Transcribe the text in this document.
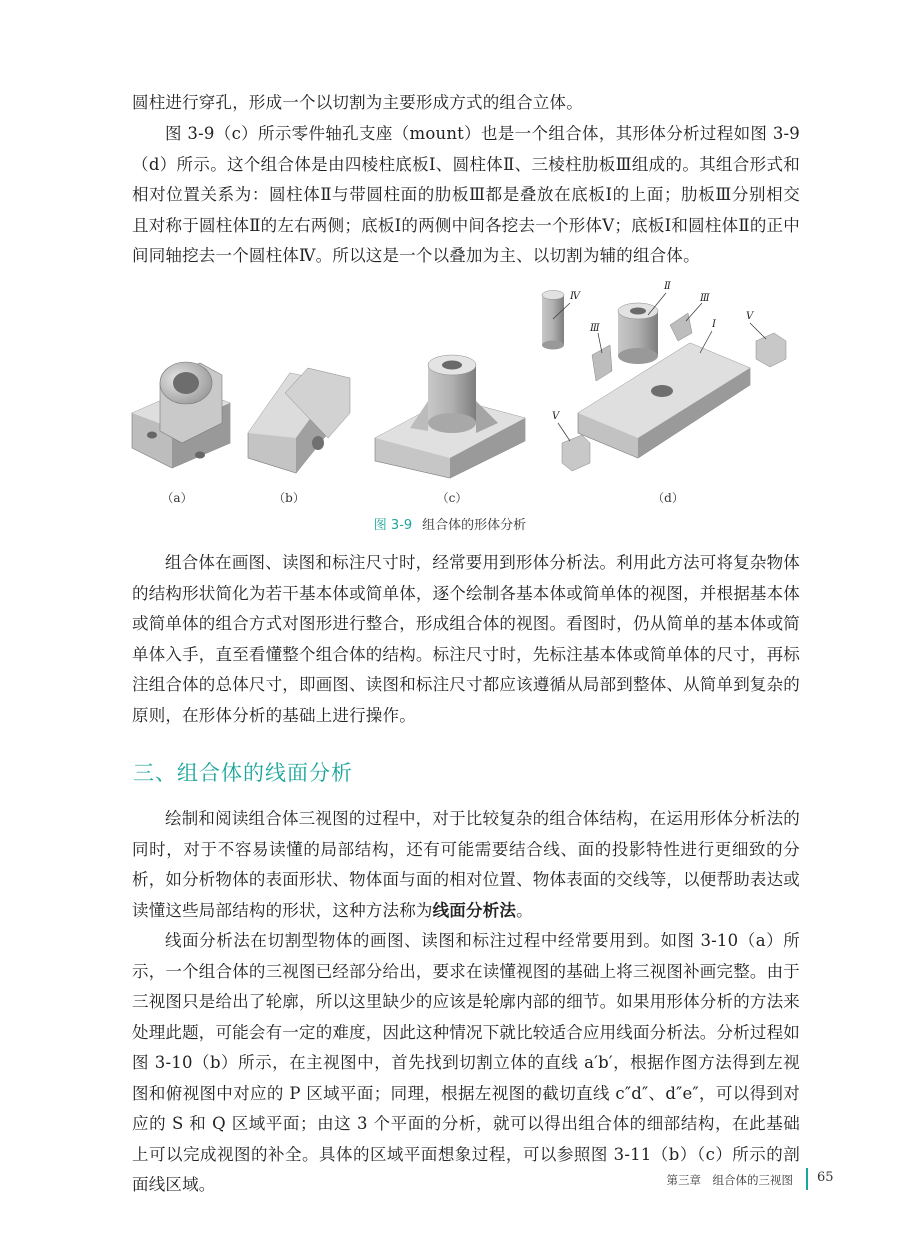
圆柱进行穿孔，形成一个以切割为主要形成方式的组合立体。

图 3-9（c）所示零件轴孔支座（mount）也是一个组合体，其形体分析过程如图 3-9（d）所示。这个组合体是由四棱柱底板Ⅰ、圆柱体Ⅱ、三棱柱肋板Ⅲ组成的。其组合形式和相对位置关系为：圆柱体Ⅱ与带圆柱面的肋板Ⅲ都是叠放在底板Ⅰ的上面；肋板Ⅲ分别相交且对称于圆柱体Ⅱ的左右两侧；底板Ⅰ的两侧中间各挖去一个形体Ⅴ；底板Ⅰ和圆柱体Ⅱ的正中间同轴挖去一个圆柱体Ⅳ。所以这是一个以叠加为主、以切割为辅的组合体。

Ⅳ
Ⅱ
Ⅲ
Ⅲ	Ⅰ
Ⅴ
Ⅴ
（a）	（b）	（c）	（d）
图 3-9 组合体的形体分析

组合体在画图、读图和标注尺寸时，经常要用到形体分析法。利用此方法可将复杂物体的结构形状简化为若干基本体或简单体，逐个绘制各基本体或简单体的视图，并根据基本体或简单体的组合方式对图形进行整合，形成组合体的视图。看图时，仍从简单的基本体或简单体入手，直至看懂整个组合体的结构。标注尺寸时，先标注基本体或简单体的尺寸，再标注组合体的总体尺寸，即画图、读图和标注尺寸都应该遵循从局部到整体、从简单到复杂的原则，在形体分析的基础上进行操作。

三、组合体的线面分析

绘制和阅读组合体三视图的过程中，对于比较复杂的组合体结构，在运用形体分析法的同时，对于不容易读懂的局部结构，还有可能需要结合线、面的投影特性进行更细致的分析，如分析物体的表面形状、物体面与面的相对位置、物体表面的交线等，以便帮助表达或读懂这些局部结构的形状，这种方法称为线面分析法。

线面分析法在切割型物体的画图、读图和标注过程中经常要用到。如图 3-10（a）所示，一个组合体的三视图已经部分给出，要求在读懂视图的基础上将三视图补画完整。由于三视图只是给出了轮廓，所以这里缺少的应该是轮廓内部的细节。如果用形体分析的方法来处理此题，可能会有一定的难度，因此这种情况下就比较适合应用线面分析法。分析过程如图 3-10（b）所示，在主视图中，首先找到切割立体的直线 a′b′，根据作图方法得到左视图和俯视图中对应的 P 区域平面；同理，根据左视图的截切直线 c″d″、d″e″，可以得到对应的 S 和 Q 区域平面；由这 3 个平面的分析，就可以得出组合体的细部结构，在此基础上可以完成视图的补全。具体的区域平面想象过程，可以参照图 3-11（b）（c）所示的剖面线区域。	第三章　组合体的三视图 65
